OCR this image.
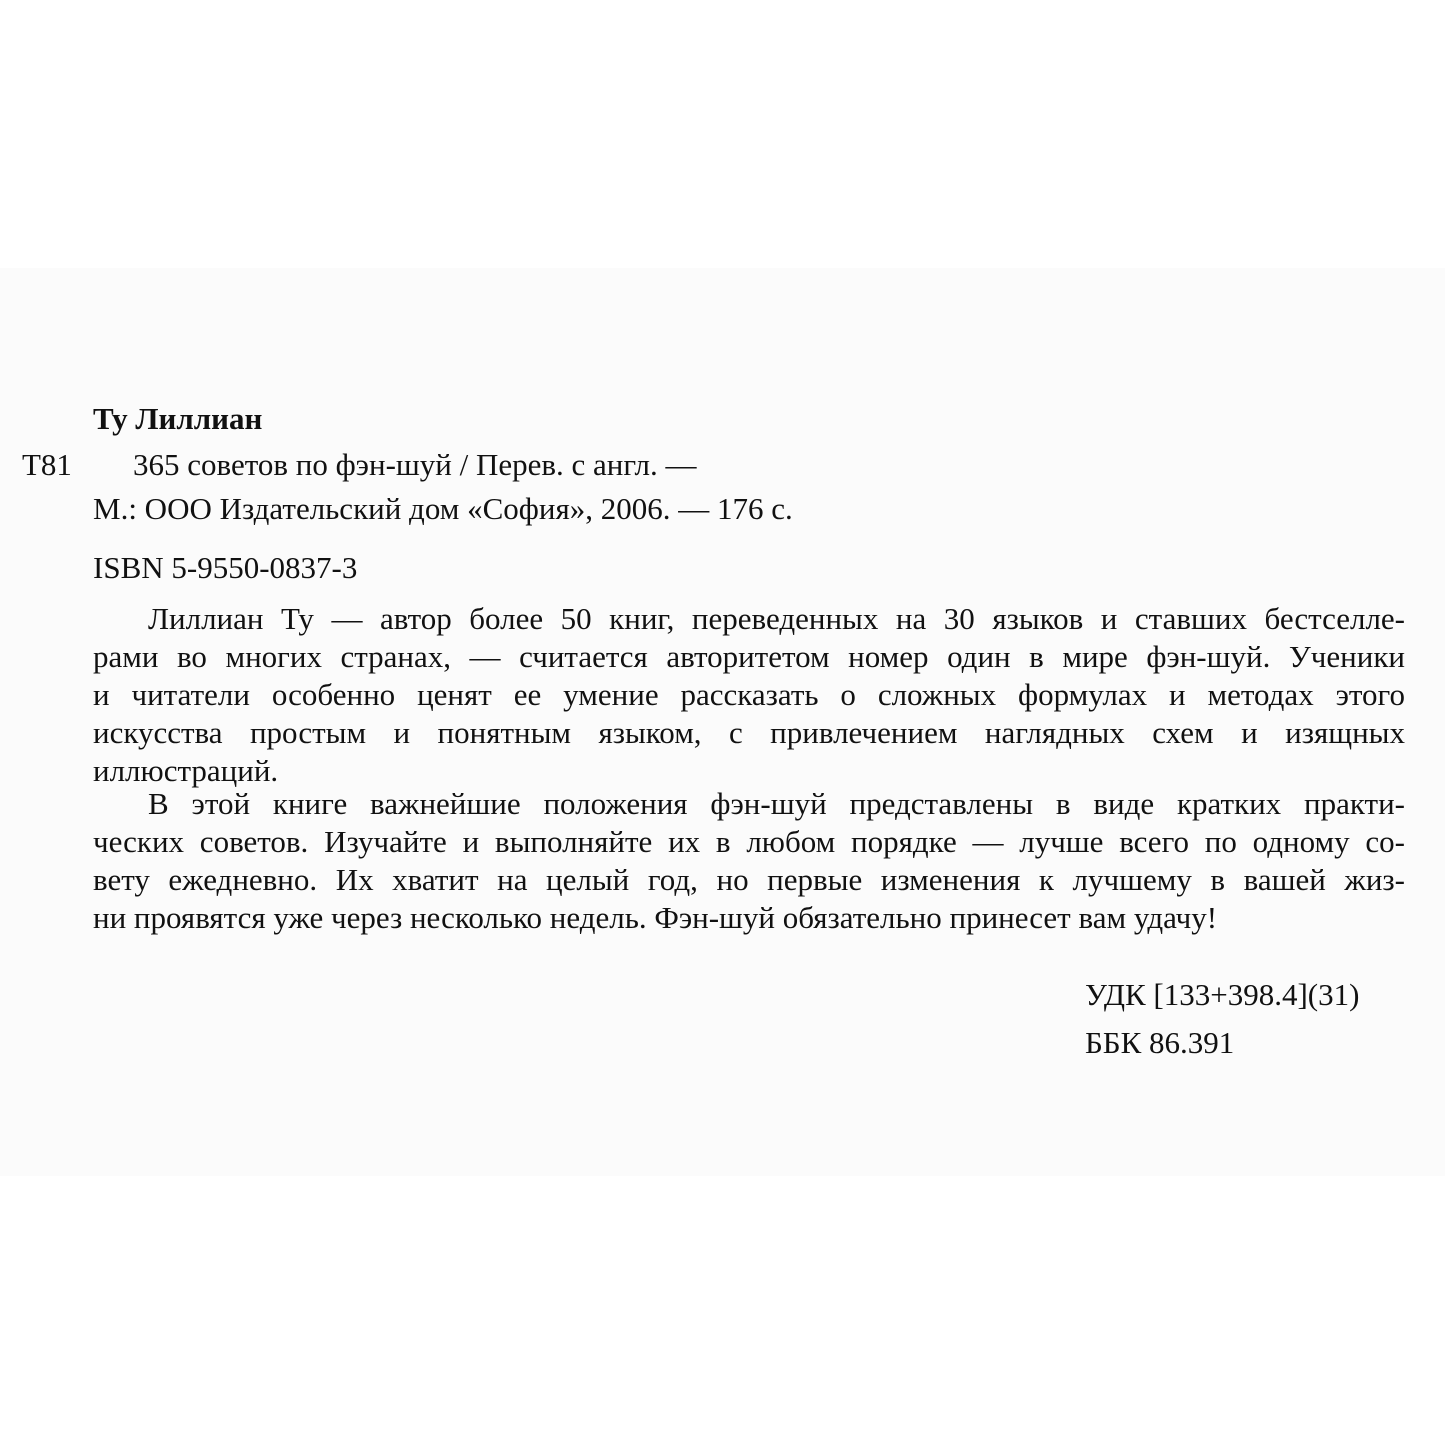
Ту Лиллиан
Т81 365 советов по фэн-шуй / Перев. с англ. —
М.: ООО Издательский дом «София», 2006. — 176 с.
ISBN 5-9550-0837-3
Лиллиан Ту — автор более 50 книг, переведенных на 30 языков и ставших бестселле-
рами во многих странах, — считается авторитетом номер один в мире фэн-шуй. Ученики
и читатели особенно ценят ее умение рассказать о сложных формулах и методах этого
искусства простым и понятным языком, с привлечением наглядных схем и изящных
иллюстраций.
В этой книге важнейшие положения фэн-шуй представлены в виде кратких практи-
ческих советов. Изучайте и выполняйте их в любом порядке — лучше всего по одному со-
вету ежедневно. Их хватит на целый год, но первые изменения к лучшему в вашей жиз-
ни проявятся уже через несколько недель. Фэн-шуй обязательно принесет вам удачу!
УДК [133+398.4](31)
ББК 86.391
